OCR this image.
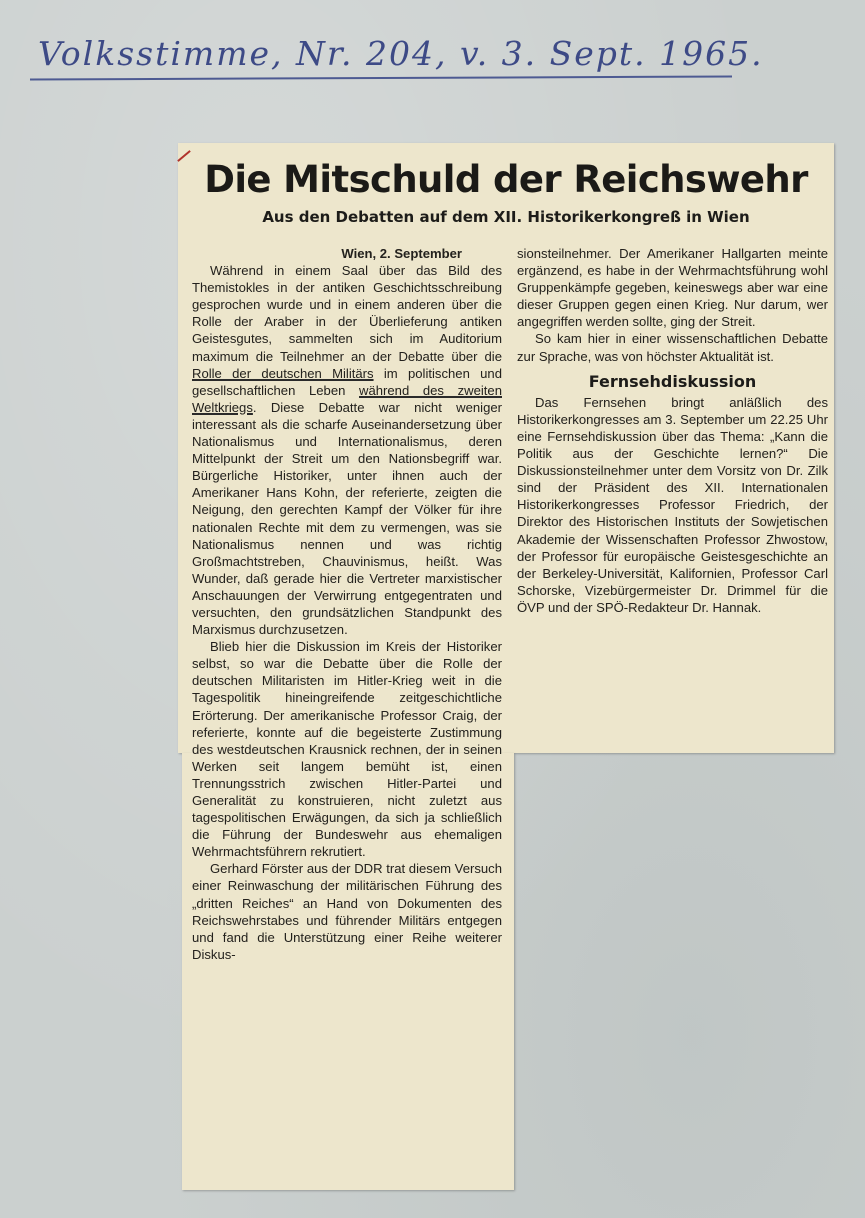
Volksstimme, Nr. 204, v. 3. Sept. 1965.
Die Mitschuld der Reichswehr
Aus den Debatten auf dem XII. Historikerkongreß in Wien
Wien, 2. September

Während in einem Saal über das Bild des Themistokles in der antiken Geschichtsschreibung gesprochen wurde und in einem anderen über die Rolle der Araber in der Überlieferung antiken Geistesgutes, sammelten sich im Auditorium maximum die Teilnehmer an der Debatte über die Rolle der deutschen Militärs im politischen und gesellschaftlichen Leben während des zweiten Weltkriegs. Diese Debatte war nicht weniger interessant als die scharfe Auseinandersetzung über Nationalismus und Internationalismus, deren Mittelpunkt der Streit um den Nationsbegriff war. Bürgerliche Historiker, unter ihnen auch der Amerikaner Hans Kohn, der referierte, zeigten die Neigung, den gerechten Kampf der Völker für ihre nationalen Rechte mit dem zu vermengen, was sie Nationalismus nennen und was richtig Großmachtstreben, Chauvinismus, heißt. Was Wunder, daß gerade hier die Vertreter marxistischer Anschauungen der Verwirrung entgegentraten und versuchten, den grundsätzlichen Standpunkt des Marxismus durchzusetzen.

Blieb hier die Diskussion im Kreis der Historiker selbst, so war die Debatte über die Rolle der deutschen Militaristen im Hitler-Krieg weit in die Tagespolitik hineingreifende zeitgeschichtliche Erörterung. Der amerikanische Professor Craig, der referierte, konnte auf die begeisterte Zustimmung des westdeutschen Krausnick rechnen, der in seinen Werken seit langem bemüht ist, einen Trennungsstrich zwischen Hitler-Partei und Generalität zu konstruieren, nicht zuletzt aus tagespolitischen Erwägungen, da sich ja schließlich die Führung der Bundeswehr aus ehemaligen Wehrmachtsführern rekrutiert.

Gerhard Förster aus der DDR trat diesem Versuch einer Reinwaschung der militärischen Führung des „dritten Reiches“ an Hand von Dokumenten des Reichswehrstabes und führender Militärs entgegen und fand die Unterstützung einer Reihe weiterer Diskus-

sionsteilnehmer. Der Amerikaner Hallgarten meinte ergänzend, es habe in der Wehrmachtsführung wohl Gruppenkämpfe gegeben, keineswegs aber war eine dieser Gruppen gegen einen Krieg. Nur darum, wer angegriffen werden sollte, ging der Streit.

So kam hier in einer wissenschaftlichen Debatte zur Sprache, was von höchster Aktualität ist.

Fernsehdiskussion

Das Fernsehen bringt anläßlich des Historikerkongresses am 3. September um 22.25 Uhr eine Fernsehdiskussion über das Thema: „Kann die Politik aus der Geschichte lernen?“ Die Diskussionsteilnehmer unter dem Vorsitz von Dr. Zilk sind der Präsident des XII. Internationalen Historikerkongresses Professor Friedrich, der Direktor des Historischen Instituts der Sowjetischen Akademie der Wissenschaften Professor Zhwostow, der Professor für europäische Geistesgeschichte an der Berkeley-Universität, Kalifornien, Professor Carl Schorske, Vizebürgermeister Dr. Drimmel für die ÖVP und der SPÖ-Redakteur Dr. Hannak.
